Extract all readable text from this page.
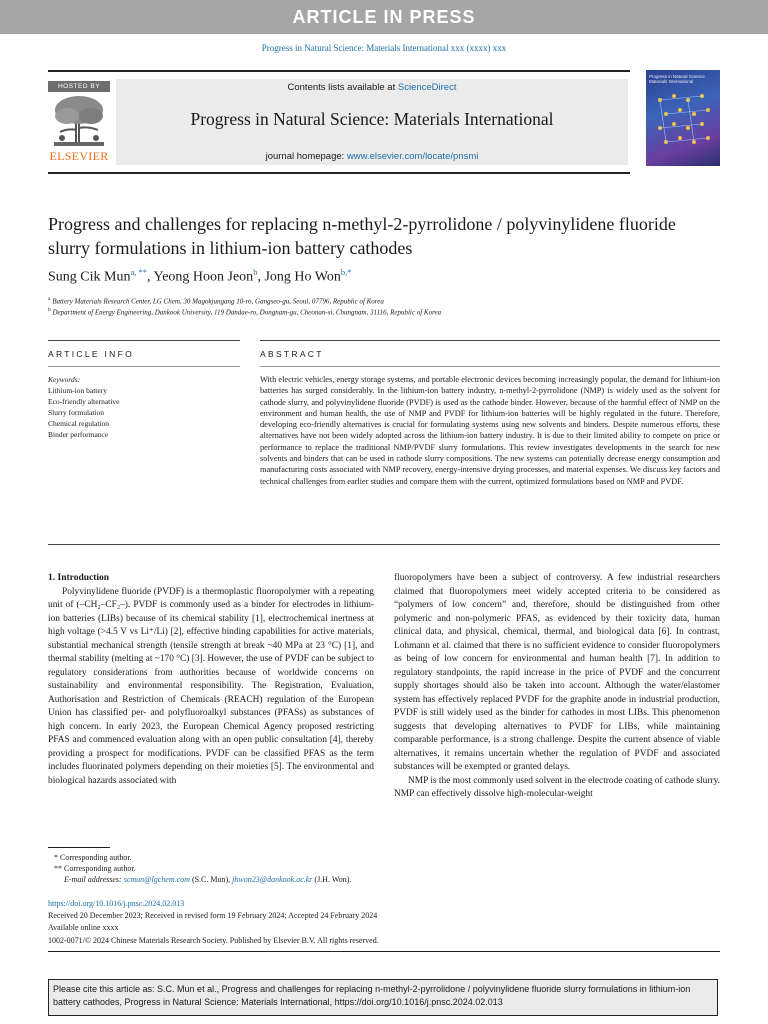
ARTICLE IN PRESS
Progress in Natural Science: Materials International xxx (xxxx) xxx
HOSTED BY
ELSEVIER
Contents lists available at ScienceDirect
Progress in Natural Science: Materials International
journal homepage: www.elsevier.com/locate/pnsmi
Progress in Natural Science Materials International
Progress and challenges for replacing n-methyl-2-pyrrolidone / polyvinylidene fluoride slurry formulations in lithium-ion battery cathodes
Sung Cik Mun$^{a, **}$, Yeong Hoon Jeon$^b$, Jong Ho Won$^{b,*}$
$^a$ Battery Materials Research Center, LG Chem, 30 Magokjungang 10-ro, Gangseo-gu, Seoul, 07796, Republic of Korea
$^b$ Department of Energy Engineering, Dankook University, 119 Dandae-ro, Dongnam-gu, Cheonan-si, Chungnam, 31116, Republic of Korea
ARTICLE INFO	ABSTRACT
Keywords:
Lithium-ion battery
Eco-friendly alternative
Slurry formulation
Chemical regulation
Binder performance
With electric vehicles, energy storage systems, and portable electronic devices becoming increasingly popular, the demand for lithium-ion batteries has surged considerably. In the lithium-ion battery industry, n-methyl-2-pyrrolidone (NMP) is widely used as the solvent for cathode slurry, and polyvinylidene fluoride (PVDF) is used as the cathode binder. However, because of the harmful effect of NMP on the environment and human health, the use of NMP and PVDF for lithium-ion batteries will be highly regulated in the future. Therefore, developing eco-friendly alternatives is crucial for formulating systems using new solvents and binders. Despite numerous efforts, these alternatives have not been widely adopted across the lithium-ion battery industry. It is due to their limited ability to compete on price or performance to replace the traditional NMP/PVDF slurry formulations. This review investigates developments in the search for new solvents and binders that can be used in cathode slurry compositions. The new systems can potentially decrease energy consumption and manufacturing costs associated with NMP recovery, energy-intensive drying processes, and material expenses. We discuss key factors and technical challenges from earlier studies and compare them with the current, optimized formulations based on NMP and PVDF.

1. Introduction

Polyvinylidene fluoride (PVDF) is a thermoplastic fluoropolymer with a repeating unit of (–CH₂–CF₂–). PVDF is commonly used as a binder for electrodes in lithium-ion batteries (LIBs) because of its chemical stability [1], electrochemical inertness at high voltage (>4.5 V vs Li⁺/Li) [2], effective binding capabilities for active materials, substantial mechanical strength (tensile strength at break ~40 MPa at 23 °C) [1], and thermal stability (melting at ~170 °C) [3]. However, the use of PVDF can be subject to regulatory considerations from authorities because of worldwide concerns on sustainability and environmental responsibility. The Registration, Evaluation, Authorisation and Restriction of Chemicals (REACH) regulation of the European Union has classified per- and polyfluoroalkyl substances (PFASs) as substances of high concern. In early 2023, the European Chemical Agency proposed restricting PFAS and commenced evaluation along with an open public consultation [4], thereby providing a prospect for modifications. PVDF can be classified PFAS as the term includes fluorinated polymers depending on their moieties [5]. The environmental and biological hazards associated with

fluoropolymers have been a subject of controversy. A few industrial researchers claimed that fluoropolymers meet widely accepted criteria to be considered as “polymers of low concern” and, therefore, should be distinguished from other polymeric and non-polymeric PFAS, as evidenced by their toxicity data, human clinical data, and physical, chemical, thermal, and biological data [6]. In contrast, Lohmann et al. claimed that there is no sufficient evidence to consider fluoropolymers as being of low concern for environmental and human health [7]. In addition to regulatory standpoints, the rapid increase in the price of PVDF and the concurrent supply shortages should also be taken into account. Although the water/elastomer system has effectively replaced PVDF for the graphite anode in industrial production, PVDF is still widely used as the binder for cathodes in most LIBs. This phenomenon suggests that developing alternatives to PVDF for LIBs, while maintaining comparable performance, is a strong challenge. Despite the current absence of viable alternatives, it remains uncertain whether the regulation of PVDF and associated substances will be exempted or granted delays.

NMP is the most commonly used solvent in the electrode coating of cathode slurry. NMP can effectively dissolve high-molecular-weight

* Corresponding author.
** Corresponding author.
E-mail addresses: scmun@lgchem.com (S.C. Mun), jhwon23@dankook.ac.kr (J.H. Won).
https://doi.org/10.1016/j.pnsc.2024.02.013
Received 20 December 2023; Received in revised form 19 February 2024; Accepted 24 February 2024
Available online xxxx
1002-0071/© 2024 Chinese Materials Research Society. Published by Elsevier B.V. All rights reserved.
Please cite this article as: S.C. Mun et al., Progress and challenges for replacing n-methyl-2-pyrrolidone / polyvinylidene fluoride slurry formulations in lithium-ion battery cathodes, Progress in Natural Science: Materials International, https://doi.org/10.1016/j.pnsc.2024.02.013
